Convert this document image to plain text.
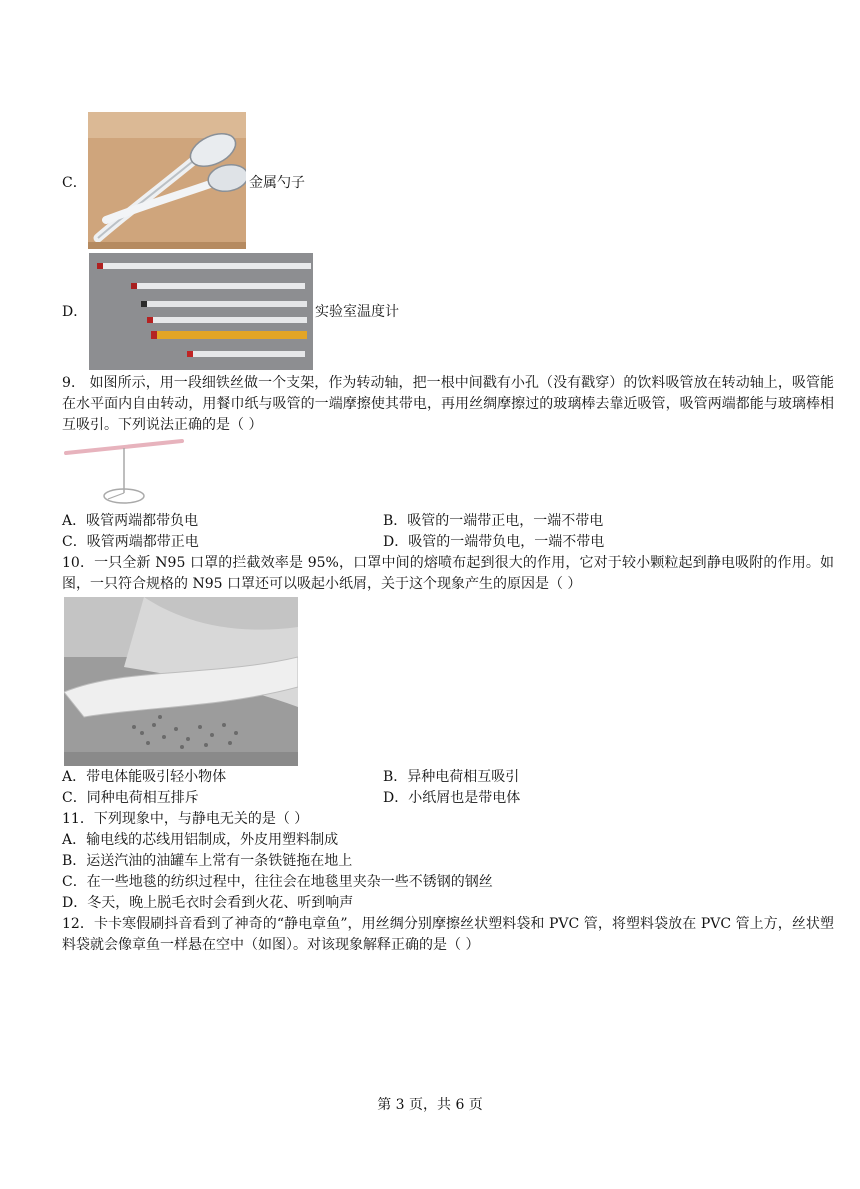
C．	金属勺子
D．	实验室温度计
9． 如图所示，用一段细铁丝做一个支架，作为转动轴，把一根中间戳有小孔（没有戳穿）的饮料吸管放在转动轴上，吸管能在水平面内自由转动，用餐巾纸与吸管的一端摩擦使其带电，再用丝绸摩擦过的玻璃棒去靠近吸管，吸管两端都能与玻璃棒相互吸引。下列说法正确的是（ ）
A．吸管两端都带负电	B．吸管的一端带正电，一端不带电
C．吸管两端都带正电	D．吸管的一端带负电，一端不带电
10．一只全新 N95 口罩的拦截效率是 95%，口罩中间的熔喷布起到很大的作用，它对于较小颗粒起到静电吸附的作用。如图，一只符合规格的 N95 口罩还可以吸起小纸屑，关于这个现象产生的原因是（ ）
A．带电体能吸引轻小物体	B．异种电荷相互吸引
C．同种电荷相互排斥	D．小纸屑也是带电体
11．下列现象中，与静电无关的是（ ）
A．输电线的芯线用铝制成，外皮用塑料制成
B．运送汽油的油罐车上常有一条铁链拖在地上
C．在一些地毯的纺织过程中，往往会在地毯里夹杂一些不锈钢的钢丝
D．冬天，晚上脱毛衣时会看到火花、听到响声
12．卡卡寒假刷抖音看到了神奇的“静电章鱼”，用丝绸分别摩擦丝状塑料袋和 PVC 管，将塑料袋放在 PVC 管上方，丝状塑料袋就会像章鱼一样悬在空中（如图）。对该现象解释正确的是（ ）
第 3 页，共 6 页
